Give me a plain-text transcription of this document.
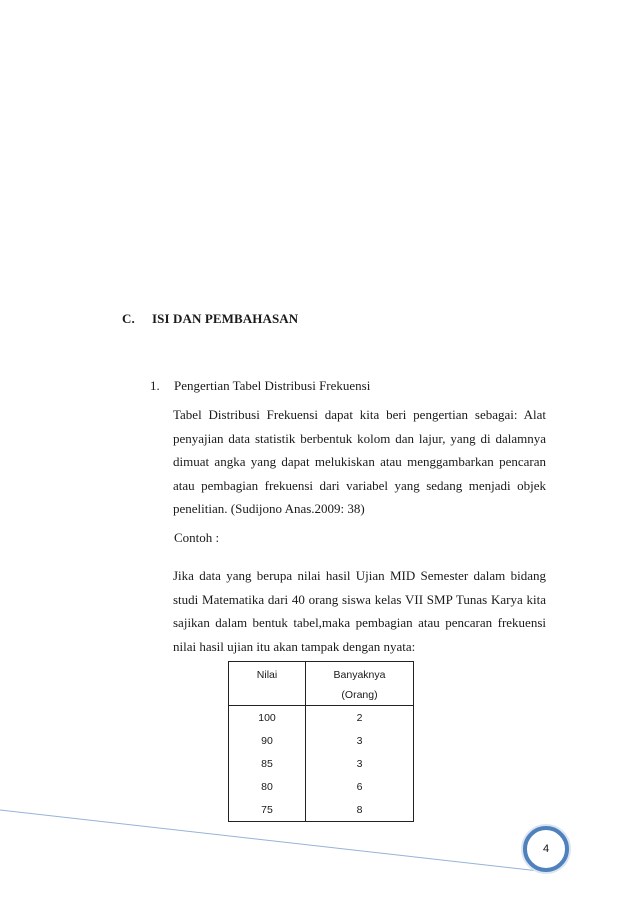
C. ISI DAN PEMBAHASAN
1. Pengertian Tabel Distribusi Frekuensi
Tabel Distribusi Frekuensi dapat kita beri pengertian sebagai: Alat
penyajian data statistik berbentuk kolom dan lajur, yang di dalamnya
dimuat angka yang dapat melukiskan atau menggambarkan pencaran
atau pembagian frekuensi dari variabel yang sedang menjadi objek
penelitian. (Sudijono Anas.2009: 38)
Contoh :
Jika data yang berupa nilai hasil Ujian MID Semester dalam bidang
studi Matematika dari 40 orang siswa kelas VII SMP Tunas Karya kita
sajikan dalam bentuk tabel,maka pembagian atau pencaran frekuensi
nilai hasil ujian itu akan tampak dengan nyata:
Nilai	Banyaknya
(Orang)

100	2
90	3
85	3
80	6
75	8
4
